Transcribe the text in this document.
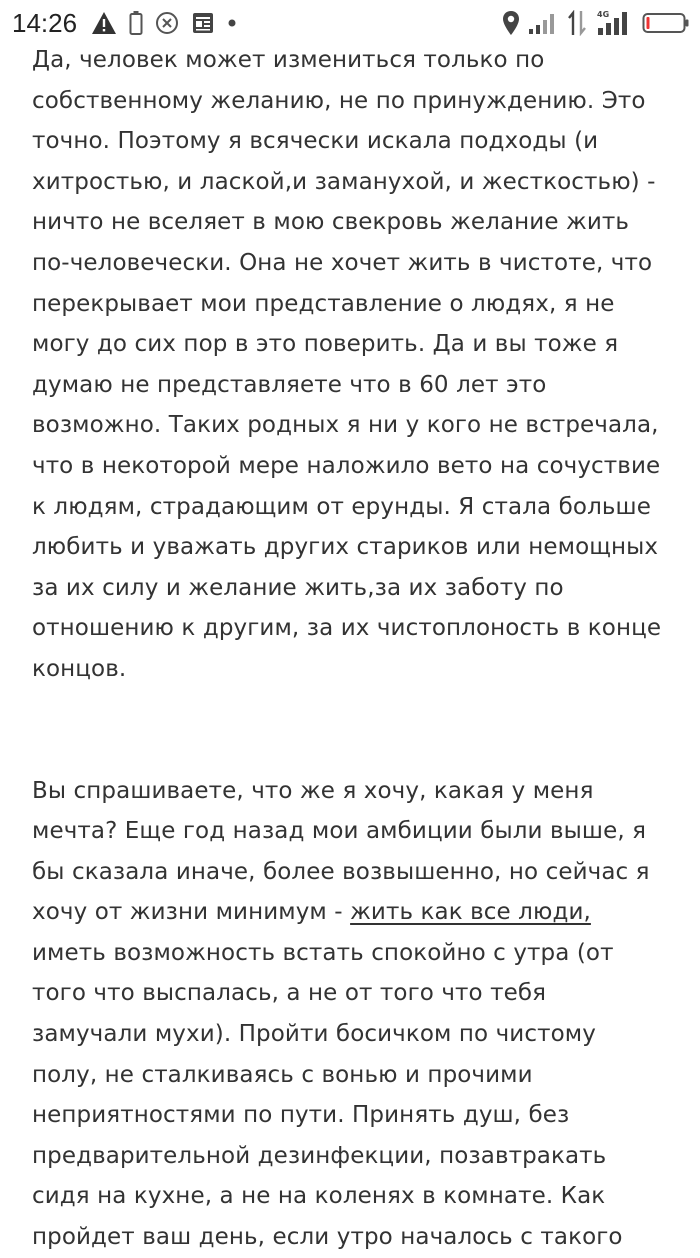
14:26	4G

Да, человек может измениться только по
собственному желанию, не по принуждению. Это
точно. Поэтому я всячески искала подходы (и
хитростью, и лаской,и заманухой, и жесткостью) -
ничто не вселяет в мою свекровь желание жить
по-человечески. Она не хочет жить в чистоте, что
перекрывает мои представление о людях, я не
могу до сих пор в это поверить. Да и вы тоже я
думаю не представляете что в 60 лет это
возможно. Таких родных я ни у кого не встречала,
что в некоторой мере наложило вето на сочуствие
к людям, страдающим от ерунды. Я стала больше
любить и уважать других стариков или немощных
за их силу и желание жить,за их заботу по
отношению к другим, за их чистоплоность в конце
концов.

Вы спрашиваете, что же я хочу, какая у меня
мечта? Еще год назад мои амбиции были выше, я
бы сказала иначе, более возвышенно, но сейчас я
хочу от жизни минимум - жить как все люди,
иметь возможность встать спокойно с утра (от
того что выспалась, а не от того что тебя
замучали мухи). Пройти босичком по чистому
полу, не сталкиваясь с вонью и прочими
неприятностями по пути. Принять душ, без
предварительной дезинфекции, позавтракать
сидя на кухне, а не на коленях в комнате. Как
пройдет ваш день, если утро началось с такого
